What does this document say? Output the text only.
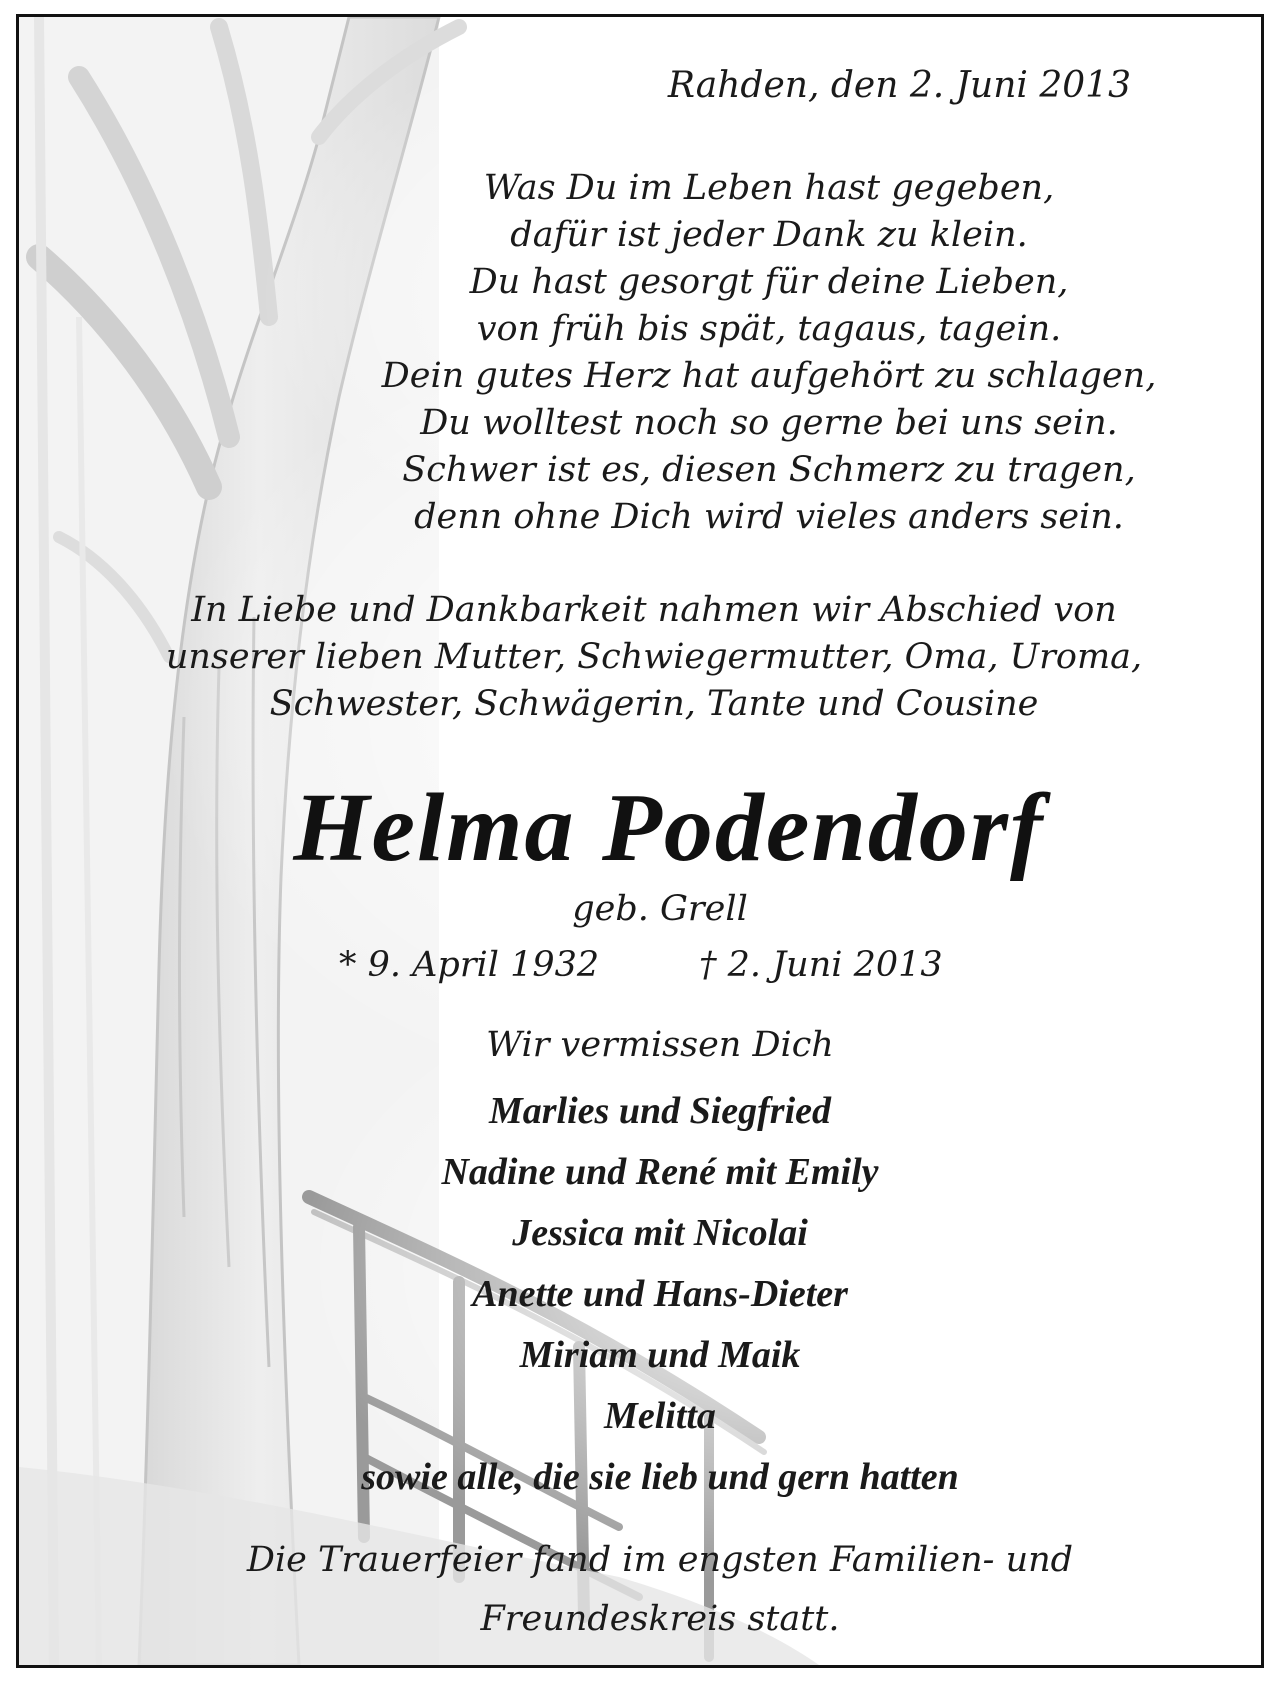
Rahden, den 2. Juni 2013
Was Du im Leben hast gegeben,
dafür ist jeder Dank zu klein.
Du hast gesorgt für deine Lieben,
von früh bis spät, tagaus, tagein.
Dein gutes Herz hat aufgehört zu schlagen,
Du wolltest noch so gerne bei uns sein.
Schwer ist es, diesen Schmerz zu tragen,
denn ohne Dich wird vieles anders sein.
In Liebe und Dankbarkeit nahmen wir Abschied von
unserer lieben Mutter, Schwiegermutter, Oma, Uroma,
Schwester, Schwägerin, Tante und Cousine
Helma Podendorf
geb. Grell
* 9. April 1932	† 2. Juni 2013
Wir vermissen Dich
Marlies und Siegfried
Nadine und René mit Emily
Jessica mit Nicolai
Anette und Hans-Dieter
Miriam und Maik
Melitta
sowie alle, die sie lieb und gern hatten
Die Trauerfeier fand im engsten Familien- und
Freundeskreis statt.
